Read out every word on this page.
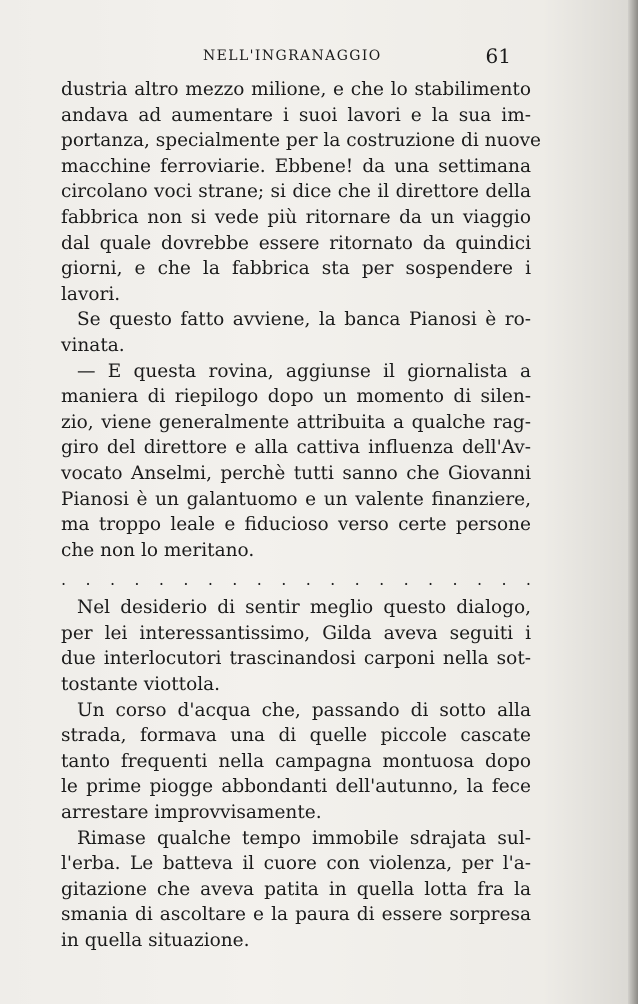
NELL'INGRANAGGIO	61

dustria altro mezzo milione, e che lo stabilimento
andava ad aumentare i suoi lavori e la sua im-
portanza, specialmente per la costruzione di nuove
macchine ferroviarie. Ebbene! da una settimana
circolano voci strane; si dice che il direttore della
fabbrica non si vede più ritornare da un viaggio
dal quale dovrebbe essere ritornato da quindici
giorni, e che la fabbrica sta per sospendere i
lavori.

Se questo fatto avviene, la banca Pianosi è ro-
vinata.

— E questa rovina, aggiunse il giornalista a
maniera di riepilogo dopo un momento di silen-
zio, viene generalmente attribuita a qualche rag-
giro del direttore e alla cattiva influenza dell'Av-
vocato Anselmi, perchè tutti sanno che Giovanni
Pianosi è un galantuomo e un valente finanziere,
ma troppo leale e fiducioso verso certe persone
che non lo meritano.

. . . . . . . . . . . . . . . . . . . .

Nel desiderio di sentir meglio questo dialogo,
per lei interessantissimo, Gilda aveva seguiti i
due interlocutori trascinandosi carponi nella sot-
tostante viottola.

Un corso d'acqua che, passando di sotto alla
strada, formava una di quelle piccole cascate
tanto frequenti nella campagna montuosa dopo
le prime piogge abbondanti dell'autunno, la fece
arrestare improvvisamente.

Rimase qualche tempo immobile sdrajata sul-
l'erba. Le batteva il cuore con violenza, per l'a-
gitazione che aveva patita in quella lotta fra la
smania di ascoltare e la paura di essere sorpresa
in quella situazione.
